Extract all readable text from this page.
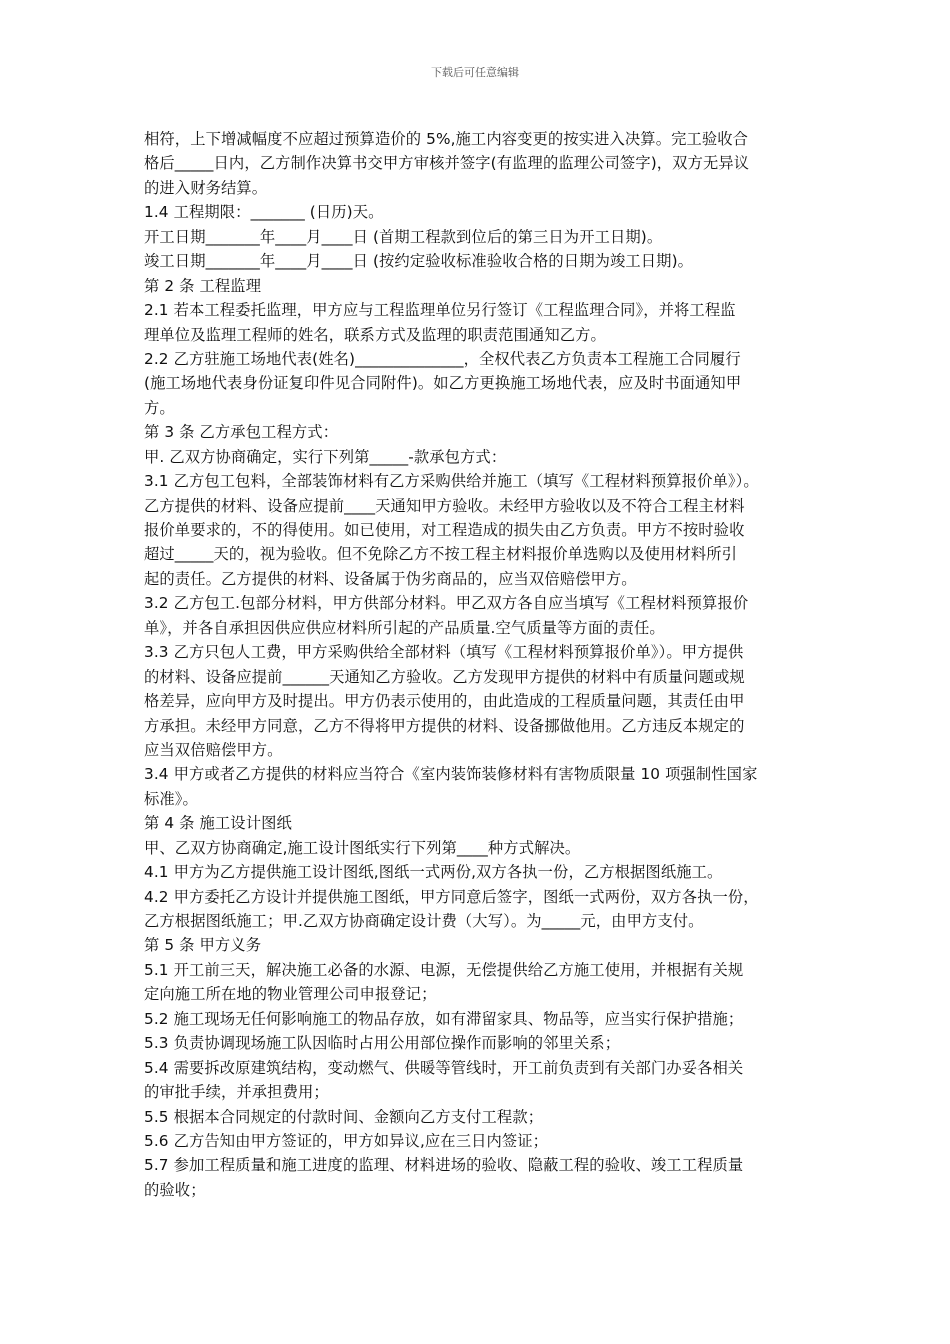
下载后可任意编辑
相符，上下增减幅度不应超过预算造价的 5%,施工内容变更的按实进入决算。完工验收合
格后_____日内，乙方制作决算书交甲方审核并签字(有监理的监理公司签字)，双方无异议
的进入财务结算。
1.4 工程期限：_______ (日历)天。
开工日期_______年____月____日 (首期工程款到位后的第三日为开工日期)。
竣工日期_______年____月____日 (按约定验收标准验收合格的日期为竣工日期)。
第 2 条 工程监理
2.1 若本工程委托监理，甲方应与工程监理单位另行签订《工程监理合同》，并将工程监
理单位及监理工程师的姓名，联系方式及监理的职责范围通知乙方。
2.2 乙方驻施工场地代表(姓名)______________，全权代表乙方负责本工程施工合同履行
(施工场地代表身份证复印件见合同附件)。如乙方更换施工场地代表，应及时书面通知甲
方。
第 3 条 乙方承包工程方式：
甲. 乙双方协商确定，实行下列第_____-款承包方式：
3.1 乙方包工包料，全部装饰材料有乙方采购供给并施工（填写《工程材料预算报价单》）。
乙方提供的材料、设备应提前____天通知甲方验收。未经甲方验收以及不符合工程主材料
报价单要求的，不的得使用。如已使用，对工程造成的损失由乙方负责。甲方不按时验收
超过_____天的，视为验收。但不免除乙方不按工程主材料报价单选购以及使用材料所引
起的责任。乙方提供的材料、设备属于伪劣商品的，应当双倍赔偿甲方。
3.2 乙方包工.包部分材料，甲方供部分材料。甲乙双方各自应当填写《工程材料预算报价
单》，并各自承担因供应供应材料所引起的产品质量.空气质量等方面的责任。
3.3 乙方只包人工费，甲方采购供给全部材料（填写《工程材料预算报价单》）。甲方提供
的材料、设备应提前______天通知乙方验收。乙方发现甲方提供的材料中有质量问题或规
格差异，应向甲方及时提出。甲方仍表示使用的，由此造成的工程质量问题，其责任由甲
方承担。未经甲方同意，乙方不得将甲方提供的材料、设备挪做他用。乙方违反本规定的
应当双倍赔偿甲方。
3.4 甲方或者乙方提供的材料应当符合《室内装饰装修材料有害物质限量 10 项强制性国家
标准》。
第 4 条 施工设计图纸
甲、乙双方协商确定,施工设计图纸实行下列第____种方式解决。
4.1 甲方为乙方提供施工设计图纸,图纸一式两份,双方各执一份，乙方根据图纸施工。
4.2 甲方委托乙方设计并提供施工图纸，甲方同意后签字，图纸一式两份，双方各执一份，
乙方根据图纸施工；甲.乙双方协商确定设计费（大写）。为_____元，由甲方支付。
第 5 条 甲方义务
5.1 开工前三天，解决施工必备的水源、电源，无偿提供给乙方施工使用，并根据有关规
定向施工所在地的物业管理公司申报登记；
5.2 施工现场无任何影响施工的物品存放，如有滞留家具、物品等，应当实行保护措施；
5.3 负责协调现场施工队因临时占用公用部位操作而影响的邻里关系；
5.4 需要拆改原建筑结构，变动燃气、供暖等管线时，开工前负责到有关部门办妥各相关
的审批手续，并承担费用；
5.5 根据本合同规定的付款时间、金额向乙方支付工程款；
5.6 乙方告知由甲方签证的，甲方如异议,应在三日内签证；
5.7 参加工程质量和施工进度的监理、材料进场的验收、隐蔽工程的验收、竣工工程质量
的验收；
